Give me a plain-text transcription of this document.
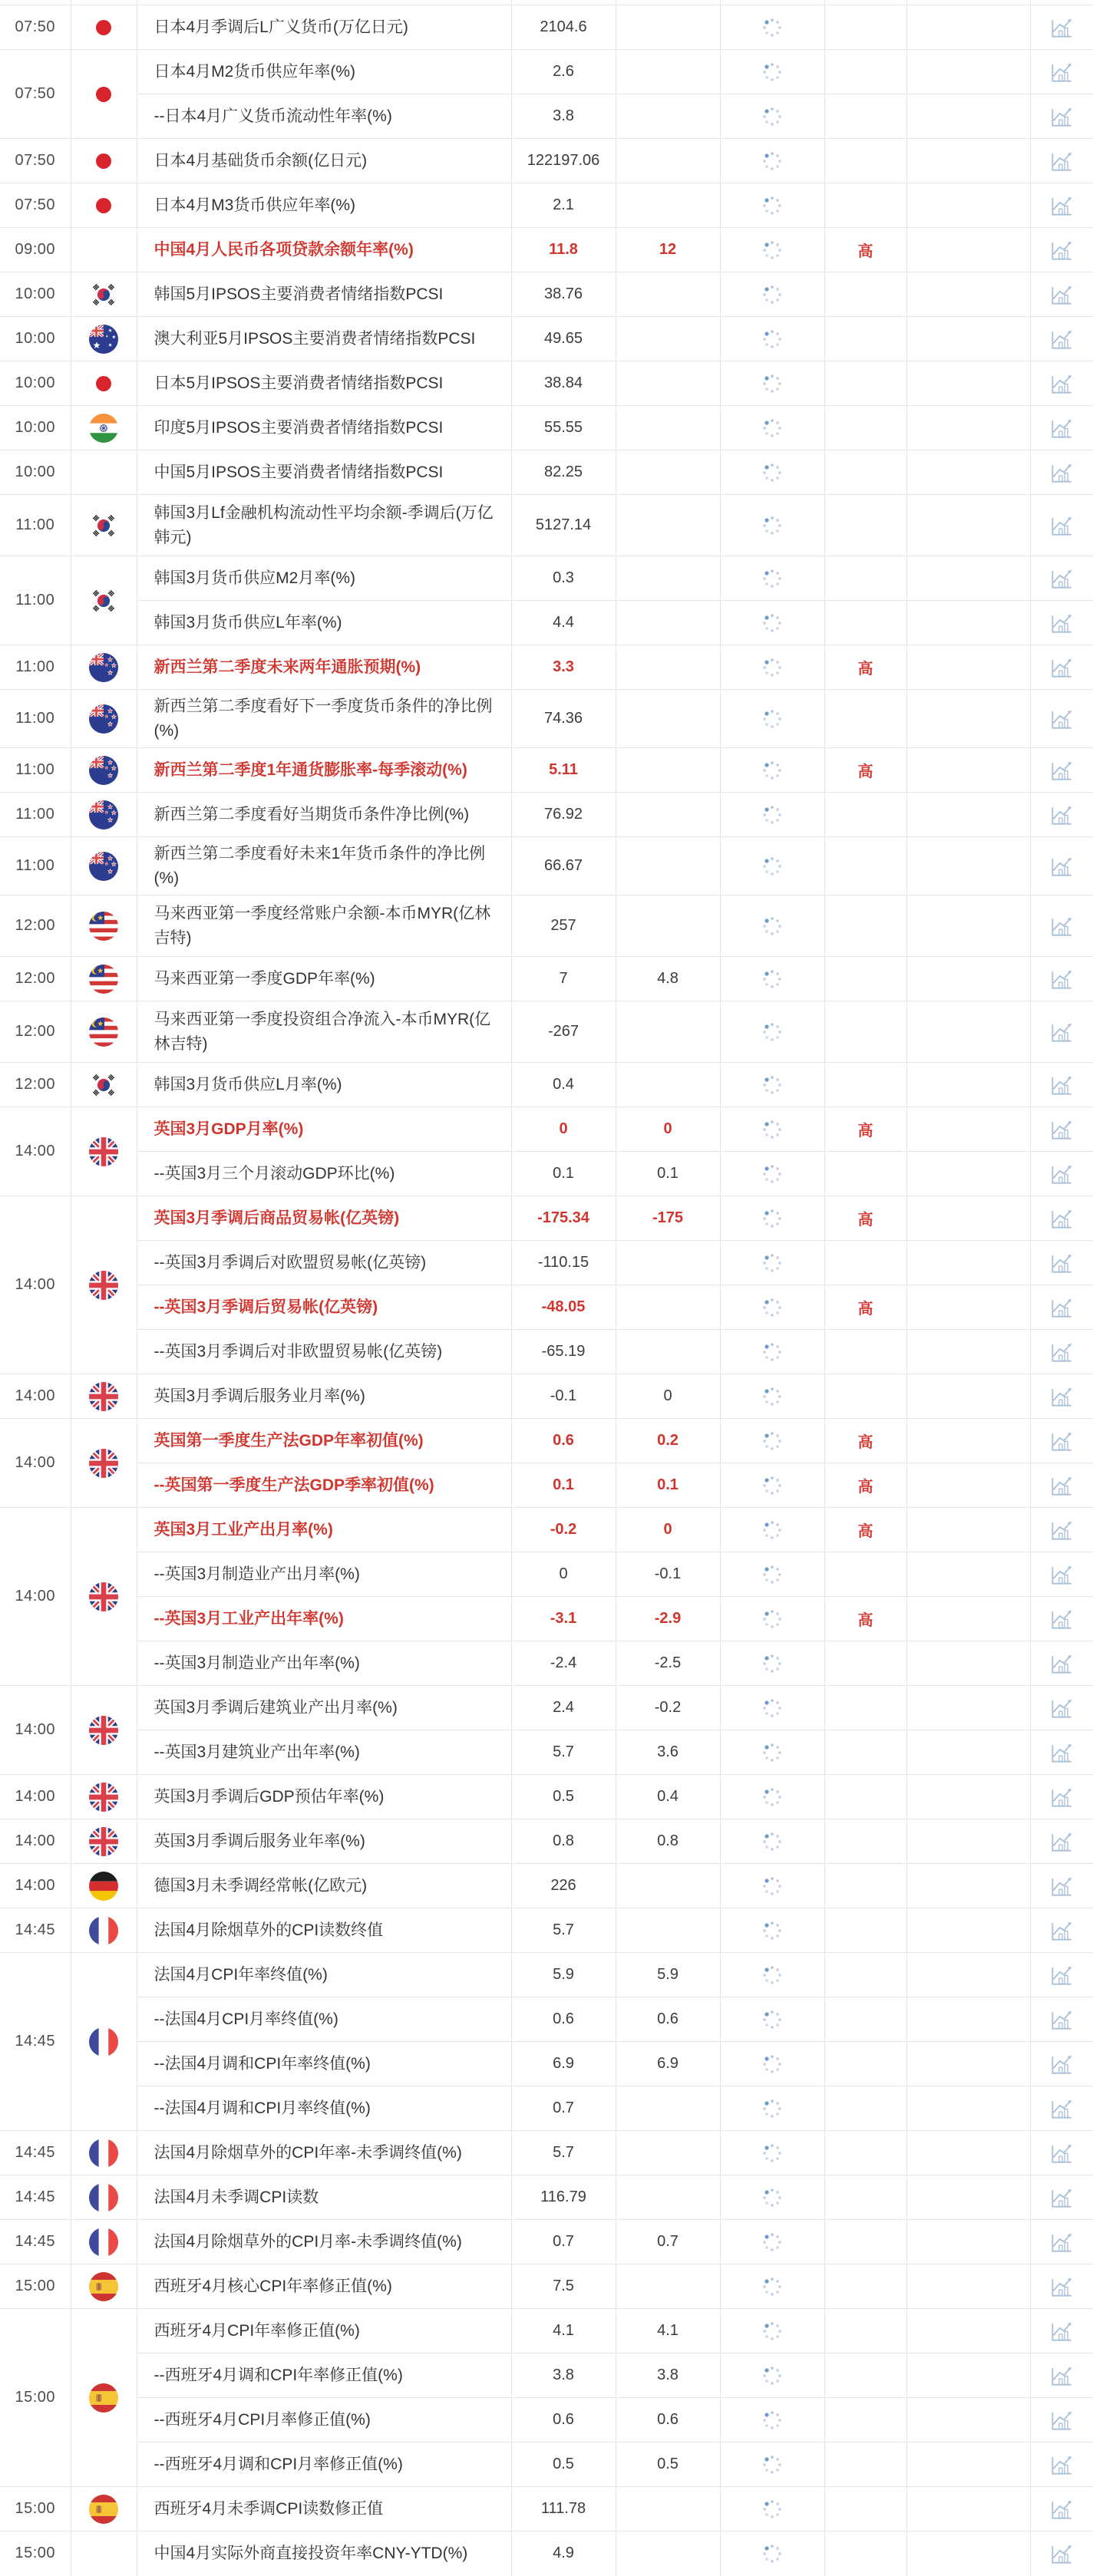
07:50		日本4月季调后L广义货币(万亿日元)	2104.6		

07:50		日本4月M2货币供应年率(%)	2.6		

		--日本4月广义货币流动性年率(%)	3.8		

07:50		日本4月基础货币余额(亿日元)	122197.06		

07:50		日本4月M3货币供应年率(%)	2.1		

09:00		中国4月人民币各项贷款余额年率(%)	11.8	12		高		

10:00		韩国5月IPSOS主要消费者情绪指数PCSI	38.76		

10:00		澳大利亚5月IPSOS主要消费者情绪指数PCSI	49.65		

10:00		日本5月IPSOS主要消费者情绪指数PCSI	38.84		

10:00		印度5月IPSOS主要消费者情绪指数PCSI	55.55		

10:00		中国5月IPSOS主要消费者情绪指数PCSI	82.25		

11:00		韩国3月Lf金融机构流动性平均余额-季调后(万亿韩元)	5127.14		

11:00		韩国3月货币供应M2月率(%)	0.3		

		韩国3月货币供应L年率(%)	4.4		

11:00		新西兰第二季度未来两年通胀预期(%)	3.3			高		

11:00		新西兰第二季度看好下一季度货币条件的净比例(%)	74.36		

11:00		新西兰第二季度1年通货膨胀率-每季滚动(%)	5.11			高		

11:00		新西兰第二季度看好当期货币条件净比例(%)	76.92		

11:00		新西兰第二季度看好未来1年货币条件的净比例(%)	66.67		

12:00		马来西亚第一季度经常账户余额-本币MYR(亿林吉特)	257		

12:00		马来西亚第一季度GDP年率(%)	7	4.8	

12:00		马来西亚第一季度投资组合净流入-本币MYR(亿林吉特)	-267		

12:00		韩国3月货币供应L月率(%)	0.4		

14:00		英国3月GDP月率(%)	0	0		高		

		--英国3月三个月滚动GDP环比(%)	0.1	0.1	

14:00		英国3月季调后商品贸易帐(亿英镑)	-175.34	-175		高		

		--英国3月季调后对欧盟贸易帐(亿英镑)	-110.15		

		--英国3月季调后贸易帐(亿英镑)	-48.05			高		

		--英国3月季调后对非欧盟贸易帐(亿英镑)	-65.19		

14:00		英国3月季调后服务业月率(%)	-0.1	0	

14:00		英国第一季度生产法GDP年率初值(%)	0.6	0.2		高		

		--英国第一季度生产法GDP季率初值(%)	0.1	0.1		高		

14:00		英国3月工业产出月率(%)	-0.2	0		高		

		--英国3月制造业产出月率(%)	0	-0.1	

		--英国3月工业产出年率(%)	-3.1	-2.9		高		

		--英国3月制造业产出年率(%)	-2.4	-2.5	

14:00		英国3月季调后建筑业产出月率(%)	2.4	-0.2	

		--英国3月建筑业产出年率(%)	5.7	3.6	

14:00		英国3月季调后GDP预估年率(%)	0.5	0.4	

14:00		英国3月季调后服务业年率(%)	0.8	0.8	

14:00		德国3月未季调经常帐(亿欧元)	226		

14:45		法国4月除烟草外的CPI读数终值	5.7		

14:45		法国4月CPI年率终值(%)	5.9	5.9	

		--法国4月CPI月率终值(%)	0.6	0.6	

		--法国4月调和CPI年率终值(%)	6.9	6.9	

		--法国4月调和CPI月率终值(%)	0.7		

14:45		法国4月除烟草外的CPI年率-未季调终值(%)	5.7		

14:45		法国4月未季调CPI读数	116.79		

14:45		法国4月除烟草外的CPI月率-未季调终值(%)	0.7	0.7	

15:00		西班牙4月核心CPI年率修正值(%)	7.5		

15:00		西班牙4月CPI年率修正值(%)	4.1	4.1	

		--西班牙4月调和CPI年率修正值(%)	3.8	3.8	

		--西班牙4月CPI月率修正值(%)	0.6	0.6	

		--西班牙4月调和CPI月率修正值(%)	0.5	0.5	

15:00		西班牙4月未季调CPI读数修正值	111.78		

15:00		中国4月实际外商直接投资年率CNY-YTD(%)	4.9		
